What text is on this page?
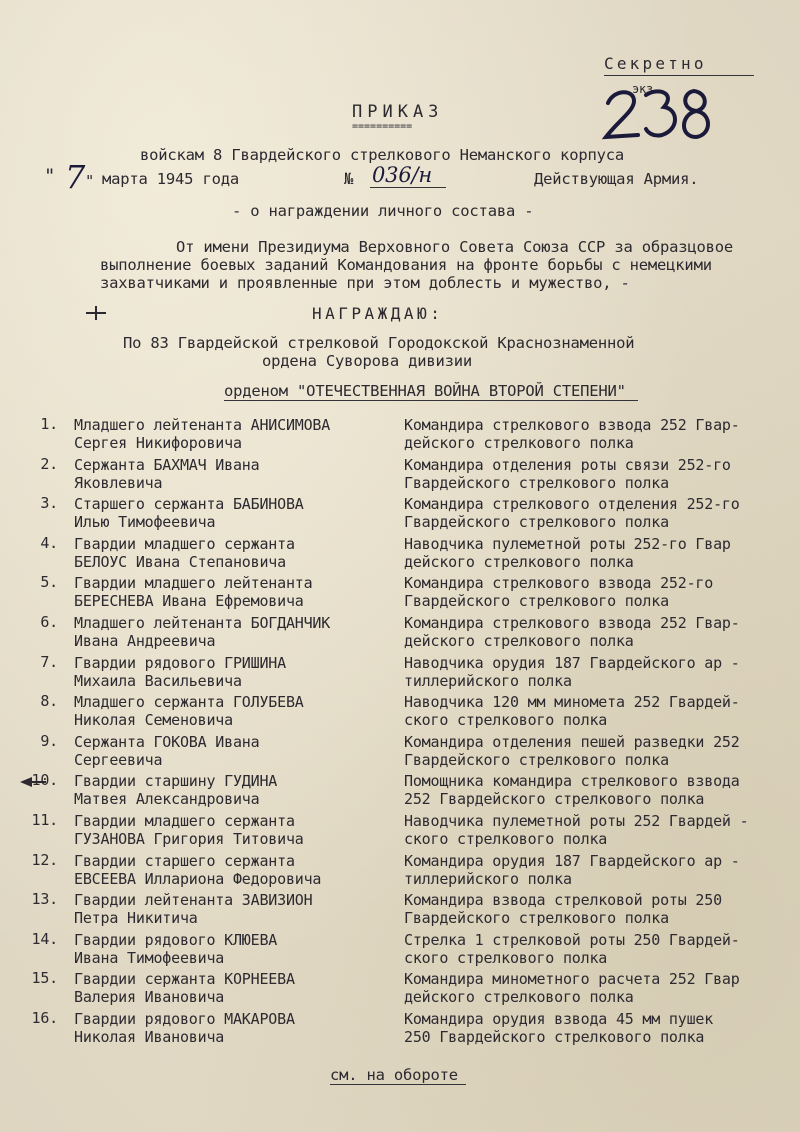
Секретно
экз.
ПРИКАЗ
==========
войскам 8 Гвардейского стрелкового Неманского корпуса
" 7 " марта 1945 года	№ 036/н	Действующая Армия.
- о награждении личного состава -
От имени Президиума Верховного Совета Союза ССР за образцовое
выполнение боевых заданий Командования на фронте борьбы с немецкими
захватчиками и проявленные при этом доблесть и мужество, -
НАГРАЖДАЮ:
По 83 Гвардейской стрелковой Городокской Краснознаменной
ордена Суворова дивизии
орденом "ОТЕЧЕСТВЕННАЯ ВОЙНА ВТОРОЙ СТЕПЕНИ"
1. Младшего лейтенанта АНИСИМОВА
Сергея Никифоровича
Командира стрелкового взвода 252 Гвар-
дейского стрелкового полка
2. Сержанта БАХМАЧ Ивана
Яковлевича
Командира отделения роты связи 252-го
Гвардейского стрелкового полка
3. Старшего сержанта БАБИНОВА
Илью Тимофеевича
Командира стрелкового отделения 252-го
Гвардейского стрелкового полка
4. Гвардии младшего сержанта
БЕЛОУС Ивана Степановича
Наводчика пулеметной роты 252-го Гвар
дейского стрелкового полка
5. Гвардии младшего лейтенанта
БЕРЕСНЕВА Ивана Ефремовича
Командира стрелкового взвода 252-го
Гвардейского стрелкового полка
6. Младшего лейтенанта БОГДАНЧИК
Ивана Андреевича
Командира стрелкового взвода 252 Гвар-
дейского стрелкового полка
7. Гвардии рядового ГРИШИНА
Михаила Васильевича
Наводчика орудия 187 Гвардейского ар -
тиллерийского полка
8. Младшего сержанта ГОЛУБЕВА
Николая Семеновича
Наводчика 120 мм миномета 252 Гвардей-
ского стрелкового полка
9. Сержанта ГОКОВА Ивана
Сергеевича
Командира отделения пешей разведки 252
Гвардейского стрелкового полка
10. Гвардии старшину ГУДИНА
Матвея Александровича
Помощника командира стрелкового взвода
252 Гвардейского стрелкового полка
11. Гвардии младшего сержанта
ГУЗАНОВА Григория Титовича
Наводчика пулеметной роты 252 Гвардей -
ского стрелкового полка
12. Гвардии старшего сержанта
ЕВСЕЕВА Иллариона Федоровича
Командира орудия 187 Гвардейского ар -
тиллерийского полка
13. Гвардии лейтенанта ЗАВИЗИОН
Петра Никитича
Командира взвода стрелковой роты 250
Гвардейского стрелкового полка
14. Гвардии рядового КЛЮЕВА
Ивана Тимофеевича
Стрелка 1 стрелковой роты 250 Гвардей-
ского стрелкового полка
15. Гвардии сержанта КОРНЕЕВА
Валерия Ивановича
Командира минометного расчета 252 Гвар
дейского стрелкового полка
16. Гвардии рядового МАКАРОВА
Николая Ивановича
Командира орудия взвода 45 мм пушек
250 Гвардейского стрелкового полка
см. на обороте
